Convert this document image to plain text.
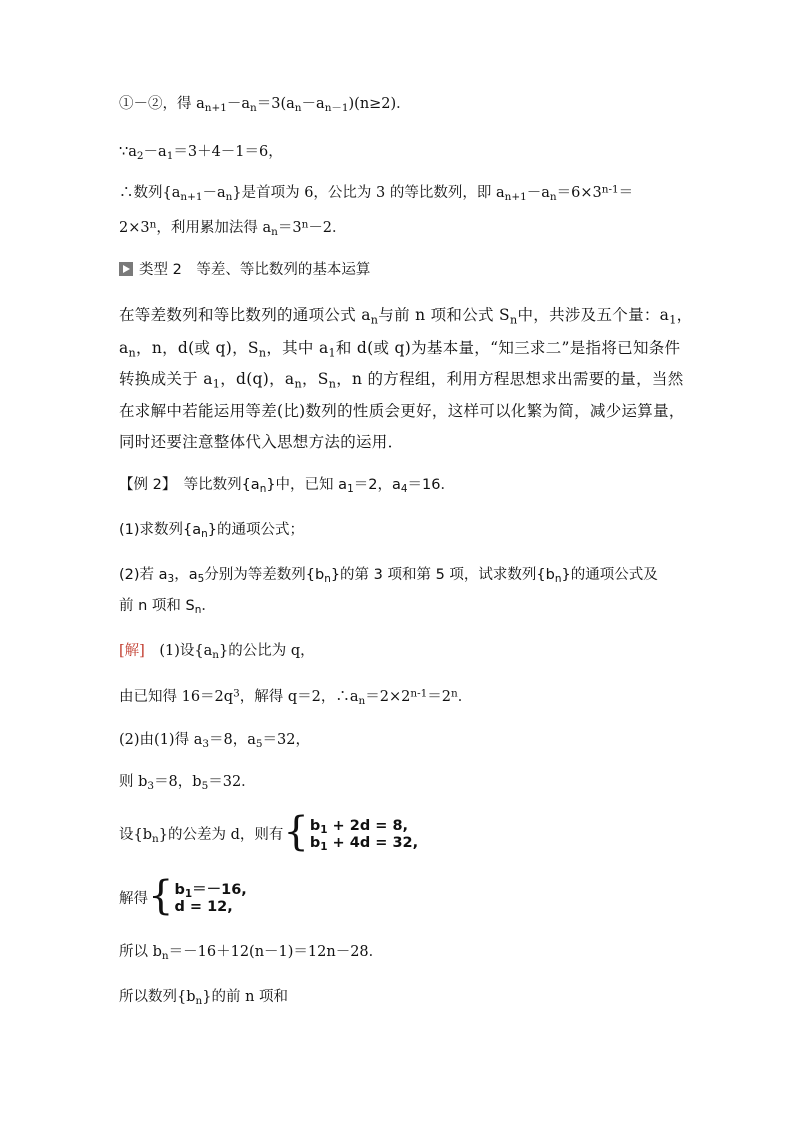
①－②，得 $a_{n+1}-a_n=3(a_n-a_{n-1})(n\ge 2)$．
$\because a_2-a_1=3+4-1=6$，
∴数列$\{a_{n+1}-a_n\}$是首项为 6，公比为 3 的等比数列，即 $a_{n+1}-a_n=6\times 3^{n-1}=$
$2\times 3^n$，利用累加法得 $a_n=3^n-2$．
类型 2　等差、等比数列的基本运算
在等差数列和等比数列的通项公式 $a_n$与前 n 项和公式 $S_n$中，共涉及五个量：$a_1$，
$a_n$，n，d(或 q)，$S_n$，其中 $a_1$和 d(或 q)为基本量，“知三求二”是指将已知条件
转换成关于 $a_1$，d(q)，$a_n$，$S_n$，n 的方程组，利用方程思想求出需要的量，当然
在求解中若能运用等差(比)数列的性质会更好，这样可以化繁为简，减少运算量，
同时还要注意整体代入思想方法的运用．
【例 2】　等比数列$\{a_n\}$中，已知 $a_1=2$，$a_4=16$．
(1)求数列$\{a_n\}$的通项公式；
(2)若 $a_3$，$a_5$分别为等差数列$\{b_n\}$的第 3 项和第 5 项，试求数列$\{b_n\}$的通项公式及
前 n 项和 $S_n$．
[解]　(1)设$\{a_n\}$的公比为 q，
由已知得 $16=2q^3$，解得 q＝2，$\therefore a_n=2\times 2^{n-1}=2^n$．
(2)由(1)得 $a_3=8$，$a_5=32$，
则 $b_3=8$，$b_5=32$．
设$\{b_n\}$的公差为 d，则有{ $b_1 + 2d = 8$,
$b_1 + 4d = 32$,
解得{ $b_1=-16$,
d = 12,
所以 $b_n=-16+12(n-1)=12n-28$．
所以数列$\{b_n\}$的前 n 项和
